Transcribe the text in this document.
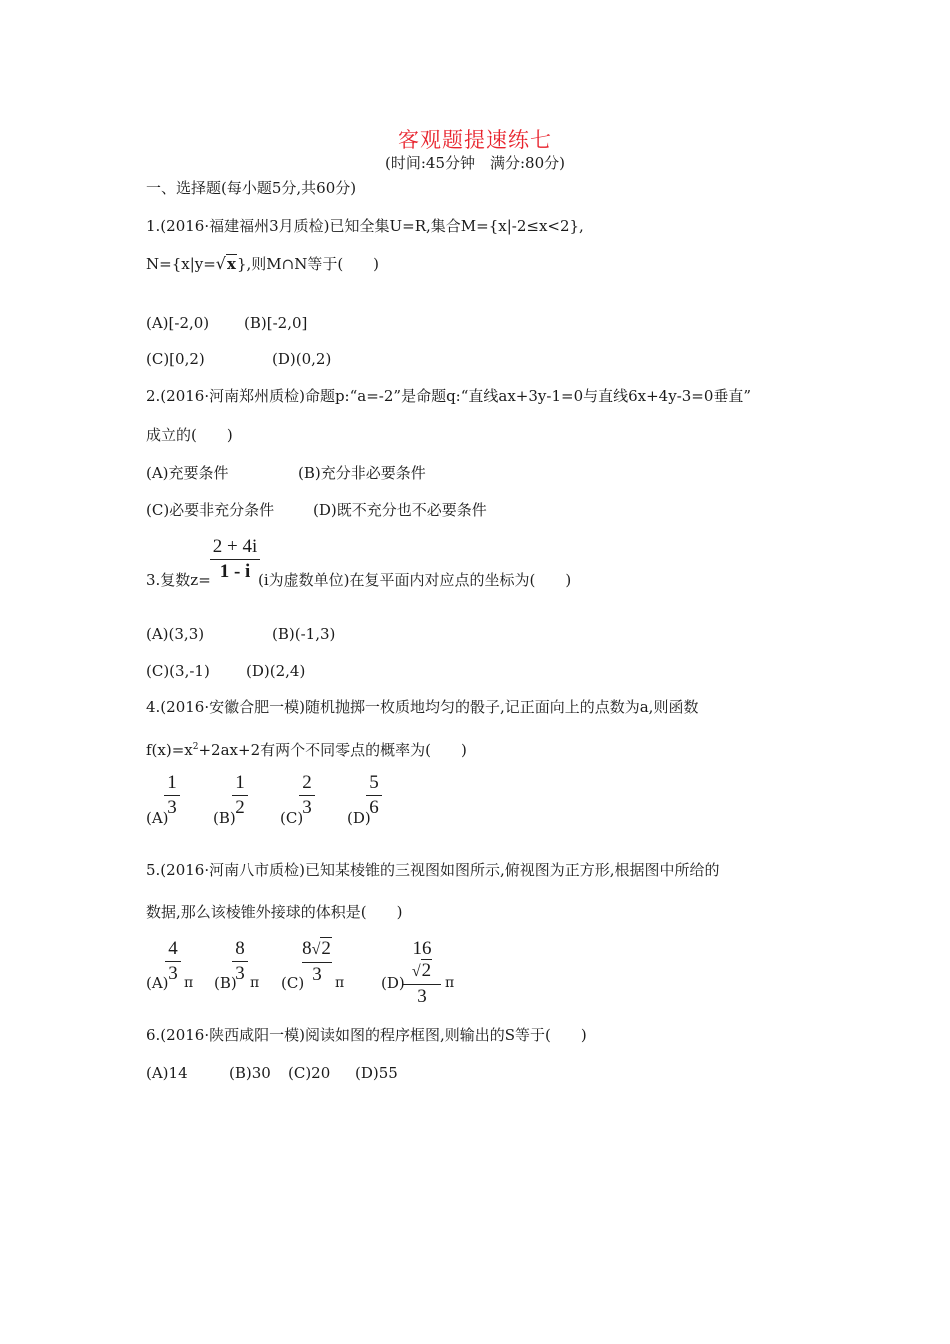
客观题提速练七
(时间:45分钟　满分:80分)
一、选择题(每小题5分,共60分)
1.(2016·福建福州3月质检)已知全集U=R,集合M={x|-2≤x<2},
N={x|y=√x},则M∩N等于(　　)
(A)[-2,0) (B)[-2,0]
(C)[0,2)	(D)(0,2)
2.(2016·河南郑州质检)命题p:“a=-2”是命题q:“直线ax+3y-1=0与直线6x+4y-3=0垂直”
成立的(　　)
(A)充要条件	(B)充分非必要条件
(C)必要非充分条件	(D)既不充分也不必要条件
3.复数z=
2 + 4i
1 - i (i为虚数单位)在复平面内对应点的坐标为(　　)
(A)(3,3)	(B)(-1,3)
(C)(3,-1) (D)(2,4)
4.(2016·安徽合肥一模)随机抛掷一枚质地均匀的骰子,记正面向上的点数为a,则函数
$f(x)=x^2+2ax+2$有两个不同零点的概率为(　　)
(A)
1
3 (B)
1
2 (C)
2
3 (D)
5
6
5.(2016·河南八市质检)已知某棱锥的三视图如图所示,俯视图为正方形,根据图中所给的
数据,那么该棱锥外接球的体积是(　　)
(A)
4
3 π (B)
8
3 π (C)
8√2
3 π (D)
16√2
3
π
6.(2016·陕西咸阳一模)阅读如图的程序框图,则输出的S等于(　　)
(A)14	(B)30 (C)20 (D)55
